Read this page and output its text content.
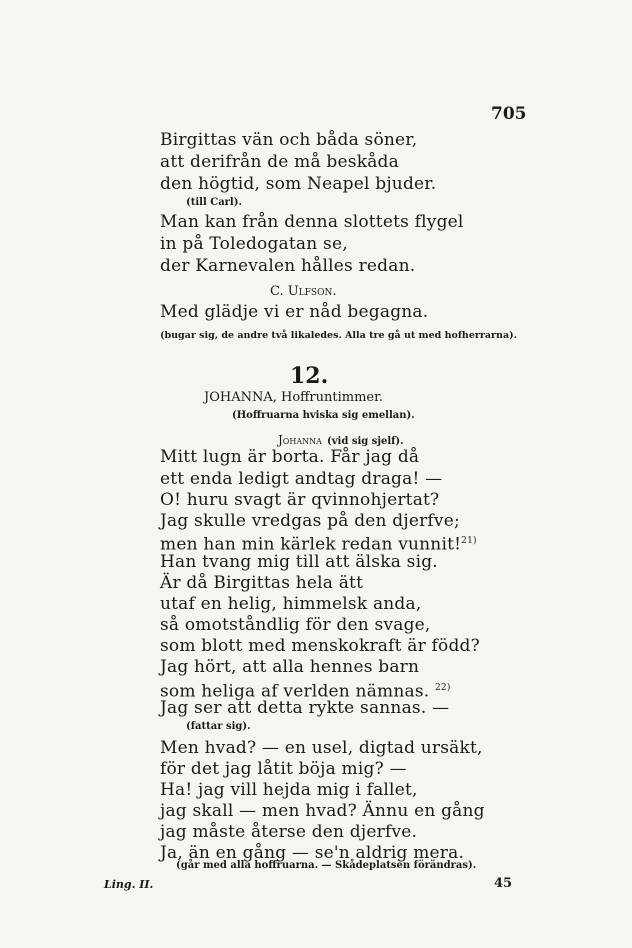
705

Birgittas vän och båda söner,

att derifrån de må beskåda

den högtid, som Neapel bjuder.

(till Carl).

Man kan från denna slottets flygel

in på Toledogatan se,

der Karnevalen hålles redan.

C. Ulfson.

Med glädje vi er nåd begagna.

(bugar sig, de andre två likaledes. Alla tre gå ut med hofherrarna).

12.

JOHANNA, Hoffruntimmer.

(Hoffruarna hviska sig emellan).

Johanna (vid sig sjelf).

Mitt lugn är borta. Får jag då

ett enda ledigt andtag draga! —

O! huru svagt är qvinnohjertat?

Jag skulle vredgas på den djerfve;

men han min kärlek redan vunnit!$^{21)}$

Han tvang mig till att älska sig.

Är då Birgittas hela ätt

utaf en helig, himmelsk anda,

så omotståndlig för den svage,

som blott med menskokraft är född?

Jag hört, att alla hennes barn

som heliga af verlden nämnas. $^{22)}$

Jag ser att detta rykte sannas. —

(fattar sig).

Men hvad? — en usel, digtad ursäkt,

för det jag låtit böja mig? —

Ha! jag vill hejda mig i fallet,

jag skall — men hvad? Ännu en gång

jag måste återse den djerfve.

Ja, än en gång — se'n aldrig mera.

(går med alla hoffruarna. — Skådeplatsen förändras).

Ling. II.	45
